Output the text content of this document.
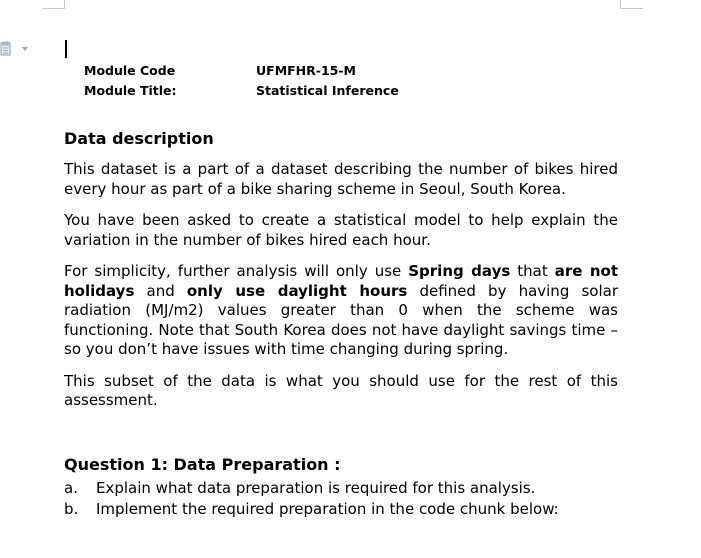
Module Code	UFMFHR-15-M
Module Title:	Statistical Inference
Data description

This dataset is a part of a dataset describing the number of bikes hired every hour as part of a bike sharing scheme in Seoul, South Korea.

You have been asked to create a statistical model to help explain the variation in the number of bikes hired each hour.

For simplicity, further analysis will only use Spring days that are not holidays and only use daylight hours defined by having solar radiation (MJ/m2) values greater than 0 when the scheme was functioning. Note that South Korea does not have daylight savings time – so you don’t have issues with time changing during spring.

This subset of the data is what you should use for the rest of this assessment.

Question 1: Data Preparation :
a.	Explain what data preparation is required for this analysis.
b.	Implement the required preparation in the code chunk below:
